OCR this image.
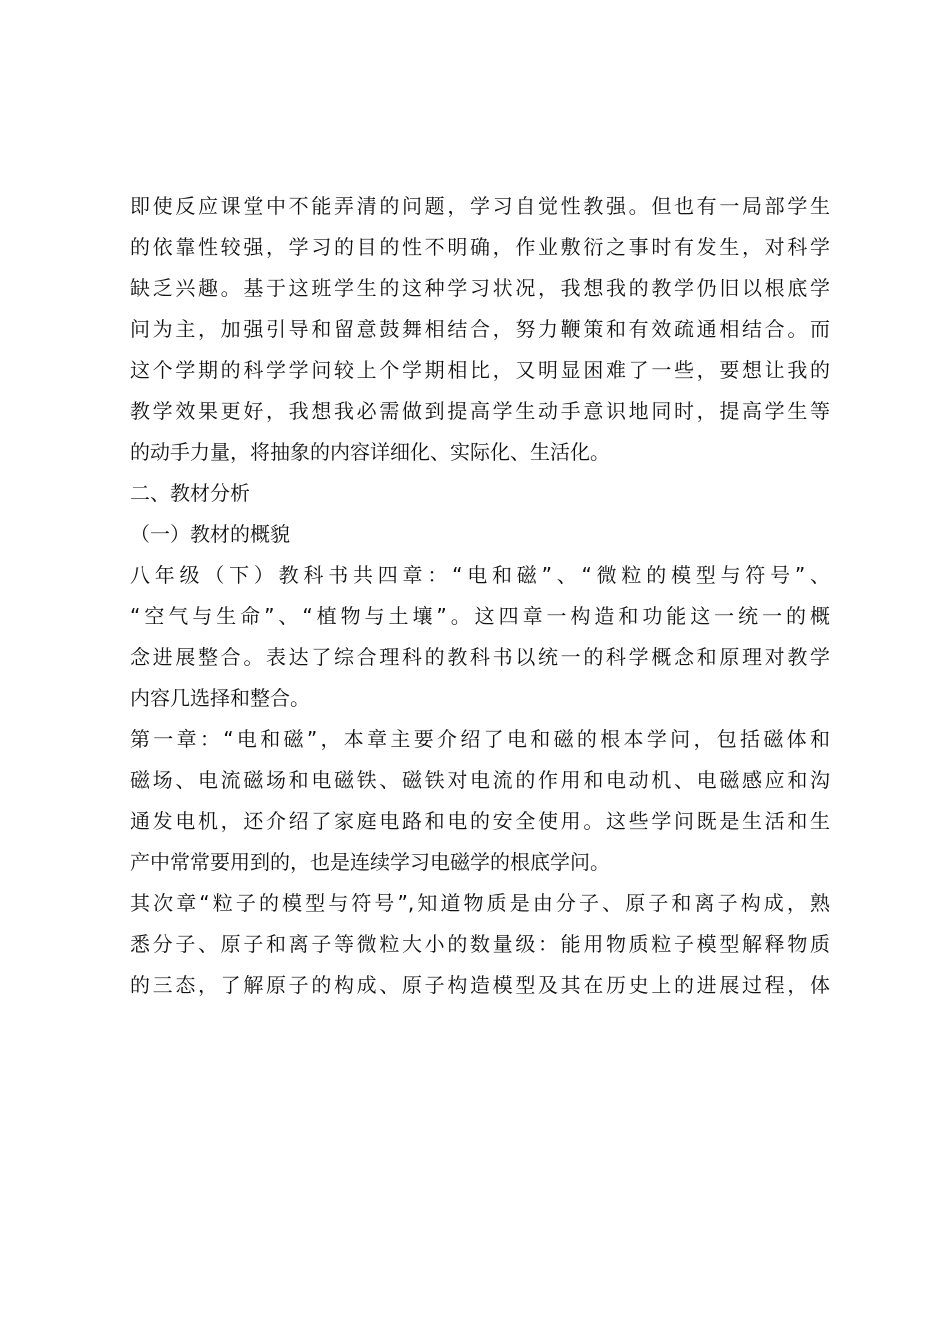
即使反应课堂中不能弄清的问题，学习自觉性教强。但也有一局部学生
的依靠性较强，学习的目的性不明确，作业敷衍之事时有发生，对科学
缺乏兴趣。基于这班学生的这种学习状况，我想我的教学仍旧以根底学
问为主，加强引导和留意鼓舞相结合，努力鞭策和有效疏通相结合。而
这个学期的科学学问较上个学期相比，又明显困难了一些，要想让我的
教学效果更好，我想我必需做到提高学生动手意识地同时，提高学生等
的动手力量，将抽象的内容详细化、实际化、生活化。
二、教材分析
（一）教材的概貌
八年级（下）教科书共四章：“电和磁”、“微粒的模型与符号”、
“空气与生命”、“植物与土壤”。这四章一构造和功能这一统一的概
念进展整合。表达了综合理科的教科书以统一的科学概念和原理对教学
内容几选择和整合。
第一章：“电和磁”，本章主要介绍了电和磁的根本学问，包括磁体和
磁场、电流磁场和电磁铁、磁铁对电流的作用和电动机、电磁感应和沟
通发电机，还介绍了家庭电路和电的安全使用。这些学问既是生活和生
产中常常要用到的，也是连续学习电磁学的根底学问。
其次章“粒子的模型与符号”,知道物质是由分子、原子和离子构成，熟
悉分子、原子和离子等微粒大小的数量级：能用物质粒子模型解释物质
的三态，了解原子的构成、原子构造模型及其在历史上的进展过程，体
